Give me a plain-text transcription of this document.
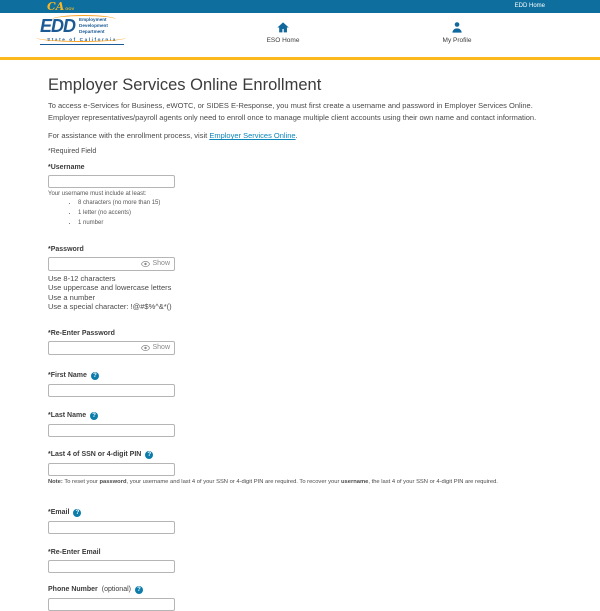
CAGOV	EDD Home
EDD Employment
Development
Department
State of California	ESO Home	My Profile
Employer Services Online Enrollment

To access e-Services for Business, eWOTC, or SIDES E-Response, you must first create a username and password in Employer Services Online. Employer representatives/payroll agents only need to enroll once to manage multiple client accounts using their own name and contact information.

For assistance with the enrollment process, visit Employer Services Online.

*Required Field

*Username
Your username must include at least:
• 8 characters (no more than 15)
• 1 letter (no accents)
• 1 number
*Password
Show
Use 8-12 characters
Use uppercase and lowercase letters
Use a number
Use a special character: !@#$%^&*()
*Re-Enter Password
Show
*First Name	?
*Last Name	?
*Last 4 of SSN or 4-digit PIN	?
Note: To reset your password, your username and last 4 of your SSN or 4-digit PIN are required. To recover your username, the last 4 of your SSN or 4-digit PIN are required.
*Email	?
*Re-Enter Email
Phone Number (optional)	?
